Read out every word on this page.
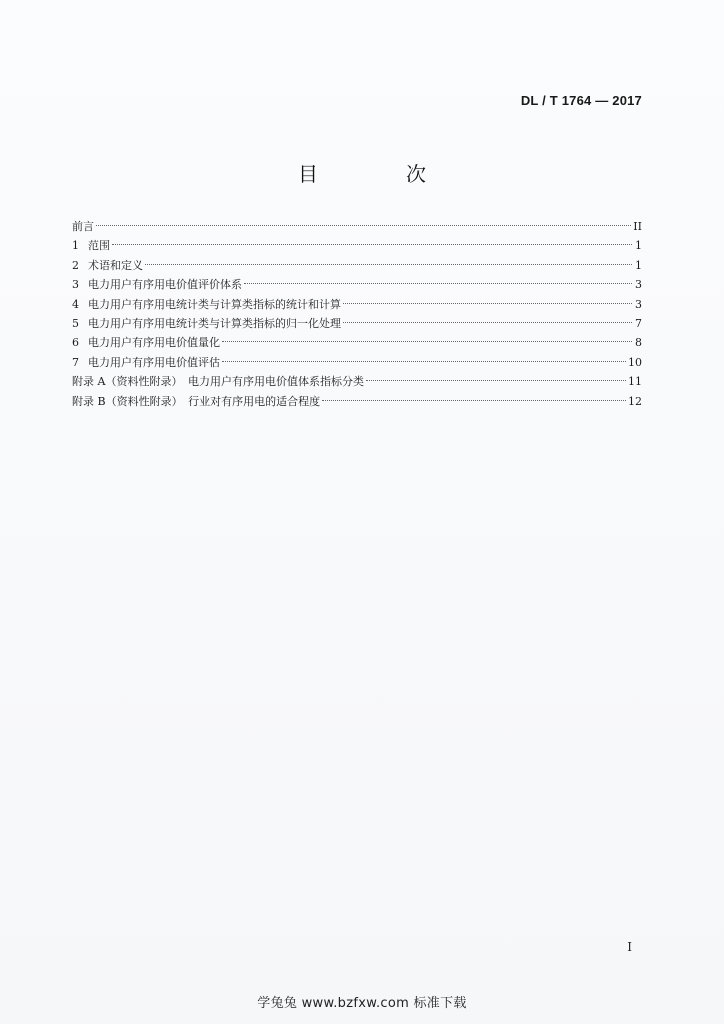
DL / T 1764 — 2017
目　次
前言	II
1 范围	1
2 术语和定义	1
3 电力用户有序用电价值评价体系	3
4 电力用户有序用电统计类与计算类指标的统计和计算	3
5 电力用户有序用电统计类与计算类指标的归一化处理	7
6 电力用户有序用电价值量化	8
7 电力用户有序用电价值评估	10
附录 A（资料性附录）　电力用户有序用电价值体系指标分类	11
附录 B（资料性附录）　行业对有序用电的适合程度	12
I
学兔兔 www.bzfxw.com 标准下载
